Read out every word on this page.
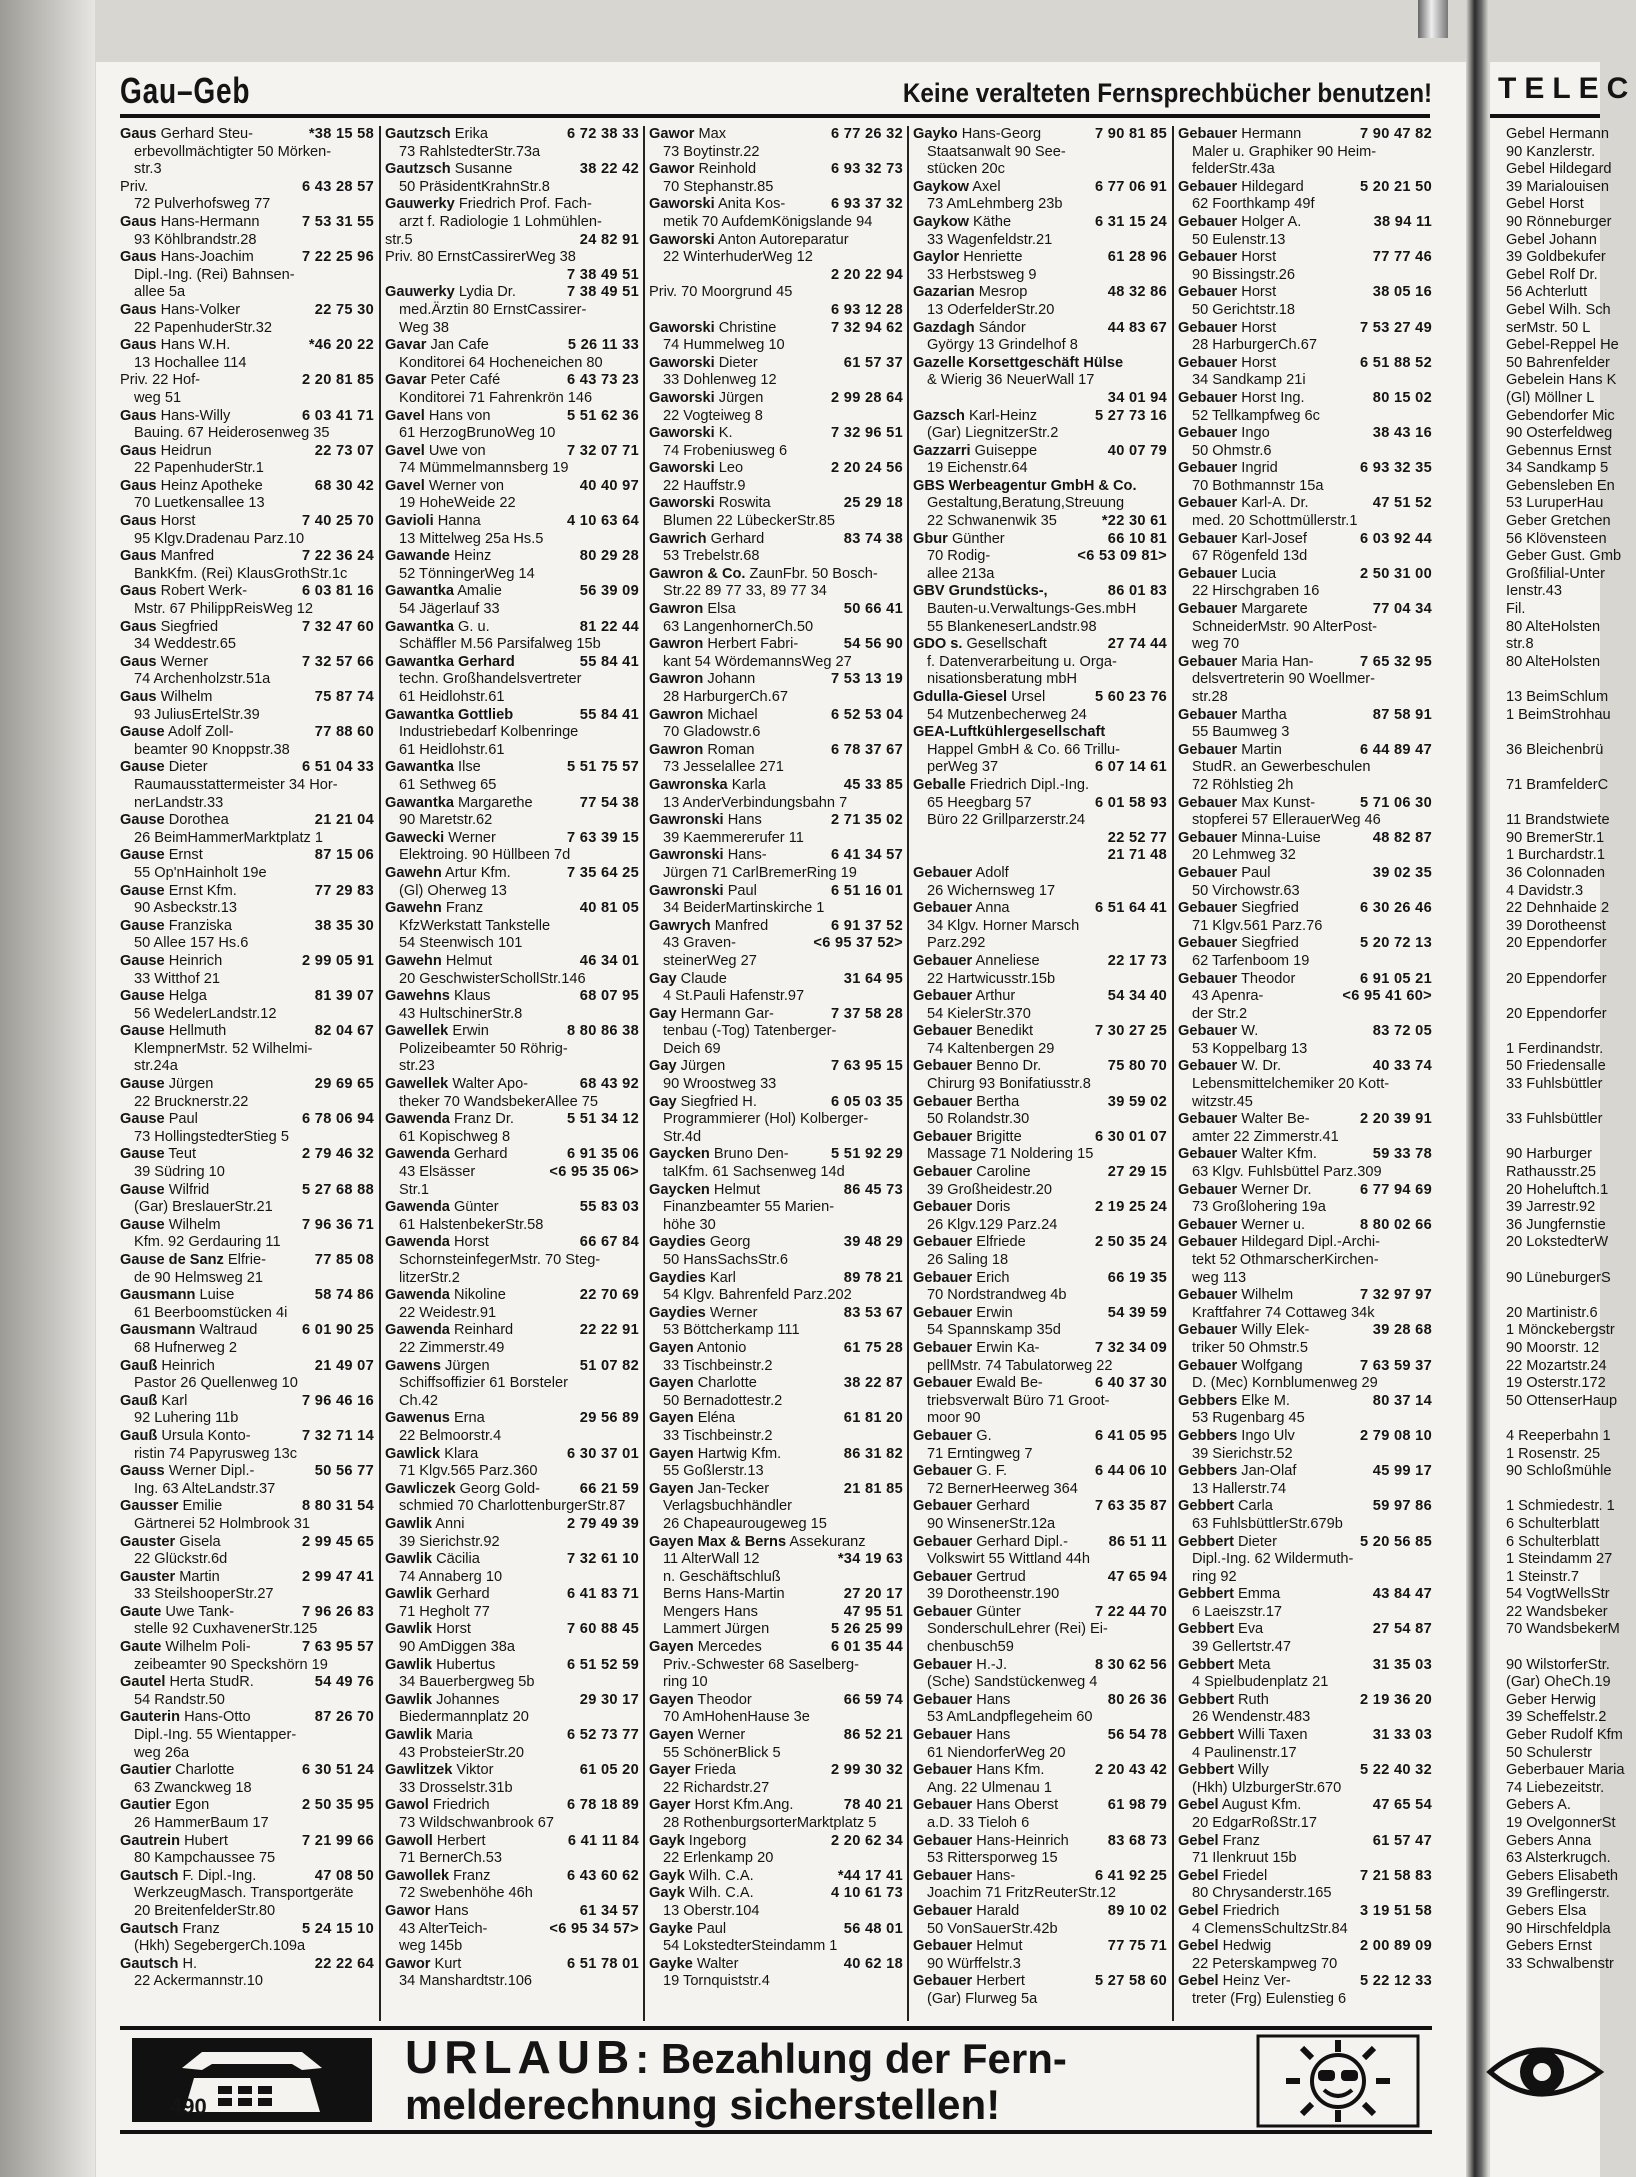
Gau–Geb	Keine veralteten Fernsprechbücher benutzen!
Gaus Gerhard Steu-	*38 15 58
erbevollmächtigter 50 Mörken-
str.3
Priv.	6 43 28 57
72 Pulverhofsweg 77
Gaus Hans-Hermann	7 53 31 55
93 Köhlbrandstr.28
Gaus Hans-Joachim	7 22 25 96
Dipl.-Ing. (Rei) Bahnsen-
allee 5a
Gaus Hans-Volker	22 75 30
22 PapenhuderStr.32
Gaus Hans W.H.	*46 20 22
13 Hochallee 114
Priv. 22 Hof-	2 20 81 85
weg 51
Gaus Hans-Willy	6 03 41 71
Bauing. 67 Heiderosenweg 35
Gaus Heidrun	22 73 07
22 PapenhuderStr.1
Gaus Heinz Apotheke	68 30 42
70 Luetkensallee 13
Gaus Horst	7 40 25 70
95 Klgv.Dradenau Parz.10
Gaus Manfred	7 22 36 24
BankKfm. (Rei) KlausGrothStr.1c
Gaus Robert Werk-	6 03 81 16
Mstr. 67 PhilippReisWeg 12
Gaus Siegfried	7 32 47 60
34 Weddestr.65
Gaus Werner	7 32 57 66
74 Archenholzstr.51a
Gaus Wilhelm	75 87 74
93 JuliusErtelStr.39
Gause Adolf Zoll-	77 88 60
beamter 90 Knoppstr.38
Gause Dieter	6 51 04 33
Raumausstattermeister 34 Hor-
nerLandstr.33
Gause Dorothea	21 21 04
26 BeimHammerMarktplatz 1
Gause Ernst	87 15 06
55 Op'nHainholt 19e
Gause Ernst Kfm.	77 29 83
90 Asbeckstr.13
Gause Franziska	38 35 30
50 Allee 157 Hs.6
Gause Heinrich	2 99 05 91
33 Witthof 21
Gause Helga	81 39 07
56 WedelerLandstr.12
Gause Hellmuth	82 04 67
KlempnerMstr. 52 Wilhelmi-
str.24a
Gause Jürgen	29 69 65
22 Brucknerstr.22
Gause Paul	6 78 06 94
73 HollingstedterStieg 5
Gause Teut	2 79 46 32
39 Südring 10
Gause Wilfrid	5 27 68 88
(Gar) BreslauerStr.21
Gause Wilhelm	7 96 36 71
Kfm. 92 Gerdauring 11
Gause de Sanz Elfrie-	77 85 08
de 90 Helmsweg 21
Gausmann Luise	58 74 86
61 Beerboomstücken 4i
Gausmann Waltraud	6 01 90 25
68 Hufnerweg 2
Gauß Heinrich	21 49 07
Pastor 26 Quellenweg 10
Gauß Karl	7 96 46 16
92 Luhering 11b
Gauß Ursula Konto-	7 32 71 14
ristin 74 Papyrusweg 13c
Gauss Werner Dipl.-	50 56 77
Ing. 63 AlteLandstr.37
Gausser Emilie	8 80 31 54
Gärtnerei 52 Holmbrook 31
Gauster Gisela	2 99 45 65
22 Glückstr.6d
Gauster Martin	2 99 47 41
33 SteilshooperStr.27
Gaute Uwe Tank-	7 96 26 83
stelle 92 CuxhavenerStr.125
Gaute Wilhelm Poli-	7 63 95 57
zeibeamter 90 Speckshörn 19
Gautel Herta StudR.	54 49 76
54 Randstr.50
Gauterin Hans-Otto	87 26 70
Dipl.-Ing. 55 Wientapper-
weg 26a
Gautier Charlotte	6 30 51 24
63 Zwanckweg 18
Gautier Egon	2 50 35 95
26 HammerBaum 17
Gautrein Hubert	7 21 99 66
80 Kampchaussee 75
Gautsch F. Dipl.-Ing.	47 08 50
WerkzeugMasch. Transportgeräte
20 BreitenfelderStr.80
Gautsch Franz	5 24 15 10
(Hkh) SegebergerCh.109a
Gautsch H.	22 22 64
22 Ackermannstr.10
Gautzsch Erika	6 72 38 33
73 RahlstedterStr.73a
Gautzsch Susanne	38 22 42
50 PräsidentKrahnStr.8
Gauwerky Friedrich Prof. Fach-
arzt f. Radiologie 1 Lohmühlen-
str.5	24 82 91
Priv. 80 ErnstCassirerWeg 38
7 38 49 51
Gauwerky Lydia Dr.	7 38 49 51
med.Ärztin 80 ErnstCassirer-
Weg 38
Gavar Jan Cafe	5 26 11 33
Konditorei 64 Hocheneichen 80
Gavar Peter Café	6 43 73 23
Konditorei 71 Fahrenkrön 146
Gavel Hans von	5 51 62 36
61 HerzogBrunoWeg 10
Gavel Uwe von	7 32 07 71
74 Mümmelmannsberg 19
Gavel Werner von	40 40 97
19 HoheWeide 22
Gavioli Hanna	4 10 63 64
13 Mittelweg 25a Hs.5
Gawande Heinz	80 29 28
52 TönningerWeg 14
Gawantka Amalie	56 39 09
54 Jägerlauf 33
Gawantka G. u.	81 22 44
Schäffler M.56 Parsifalweg 15b
Gawantka Gerhard	55 84 41
techn. Großhandelsvertreter
61 Heidlohstr.61
Gawantka Gottlieb	55 84 41
Industriebedarf Kolbenringe
61 Heidlohstr.61
Gawantka Ilse	5 51 75 57
61 Sethweg 65
Gawantka Margarethe	77 54 38
90 Maretstr.62
Gawecki Werner	7 63 39 15
Elektroing. 90 Hüllbeen 7d
Gawehn Artur Kfm.	7 35 64 25
(Gl) Oherweg 13
Gawehn Franz	40 81 05
KfzWerkstatt Tankstelle
54 Steenwisch 101
Gawehn Helmut	46 34 01
20 GeschwisterSchollStr.146
Gawehns Klaus	68 07 95
43 HultschinerStr.8
Gawellek Erwin	8 80 86 38
Polizeibeamter 50 Röhrig-
str.23
Gawellek Walter Apo-	68 43 92
theker 70 WandsbekerAllee 75
Gawenda Franz Dr.	5 51 34 12
61 Kopischweg 8
Gawenda Gerhard	6 91 35 06
43 Elsässer	<6 95 35 06>
Str.1
Gawenda Günter	55 83 03
61 HalstenbekerStr.58
Gawenda Horst	66 67 84
SchornsteinfegerMstr. 70 Steg-
litzerStr.2
Gawenda Nikoline	22 70 69
22 Weidestr.91
Gawenda Reinhard	22 22 91
22 Zimmerstr.49
Gawens Jürgen	51 07 82
Schiffsoffizier 61 Borsteler
Ch.42
Gawenus Erna	29 56 89
22 Belmoorstr.4
Gawlick Klara	6 30 37 01
71 Klgv.565 Parz.360
Gawliczek Georg Gold-	66 21 59
schmied 70 CharlottenburgerStr.87
Gawlik Anni	2 79 49 39
39 Sierichstr.92
Gawlik Cäcilia	7 32 61 10
74 Annaberg 10
Gawlik Gerhard	6 41 83 71
71 Hegholt 77
Gawlik Horst	7 60 88 45
90 AmDiggen 38a
Gawlik Hubertus	6 51 52 59
34 Bauerbergweg 5b
Gawlik Johannes	29 30 17
Biedermannplatz 20
Gawlik Maria	6 52 73 77
43 ProbsteierStr.20
Gawlitzek Viktor	61 05 20
33 Drosselstr.31b
Gawol Friedrich	6 78 18 89
73 Wildschwanbrook 67
Gawoll Herbert	6 41 11 84
71 BernerCh.53
Gawollek Franz	6 43 60 62
72 Swebenhöhe 46h
Gawor Hans	61 34 57
43 AlterTeich-	<6 95 34 57>
weg 145b
Gawor Kurt	6 51 78 01
34 Manshardtstr.106
Gawor Max	6 77 26 32
73 Boytinstr.22
Gawor Reinhold	6 93 32 73
70 Stephanstr.85
Gaworski Anita Kos-	6 93 37 32
metik 70 AufdemKönigslande 94
Gaworski Anton Autoreparatur
22 WinterhuderWeg 12
2 20 22 94
Priv. 70 Moorgrund 45
6 93 12 28
Gaworski Christine	7 32 94 62
74 Hummelweg 10
Gaworski Dieter	61 57 37
33 Dohlenweg 12
Gaworski Jürgen	2 99 28 64
22 Vogteiweg 8
Gaworski K.	7 32 96 51
74 Frobeniusweg 6
Gaworski Leo	2 20 24 56
22 Hauffstr.9
Gaworski Roswita	25 29 18
Blumen 22 LübeckerStr.85
Gawrich Gerhard	83 74 38
53 Trebelstr.68
Gawron & Co. ZaunFbr. 50 Bosch-
Str.22 89 77 33, 89 77 34
Gawron Elsa	50 66 41
63 LangenhornerCh.50
Gawron Herbert Fabri-	54 56 90
kant 54 WördemannsWeg 27
Gawron Johann	7 53 13 19
28 HarburgerCh.67
Gawron Michael	6 52 53 04
70 Gladowstr.6
Gawron Roman	6 78 37 67
73 Jesselallee 271
Gawronska Karla	45 33 85
13 AnderVerbindungsbahn 7
Gawronski Hans	2 71 35 02
39 Kaemmererufer 11
Gawronski Hans-	6 41 34 57
Jürgen 71 CarlBremerRing 19
Gawronski Paul	6 51 16 01
34 BeiderMartinskirche 1
Gawrych Manfred	6 91 37 52
43 Graven-	<6 95 37 52>
steinerWeg 27
Gay Claude	31 64 95
4 St.Pauli Hafenstr.97
Gay Hermann Gar-	7 37 58 28
tenbau (-Tog) Tatenberger-
Deich 69
Gay Jürgen	7 63 95 15
90 Wroostweg 33
Gay Siegfried H.	6 05 03 35
Programmierer (Hol) Kolberger-
Str.4d
Gaycken Bruno Den-	5 51 92 29
talKfm. 61 Sachsenweg 14d
Gaycken Helmut	86 45 73
Finanzbeamter 55 Marien-
höhe 30
Gaydies Georg	39 48 29
50 HansSachsStr.6
Gaydies Karl	89 78 21
54 Klgv. Bahrenfeld Parz.202
Gaydies Werner	83 53 67
53 Böttcherkamp 111
Gayen Antonio	61 75 28
33 Tischbeinstr.2
Gayen Charlotte	38 22 87
50 Bernadottestr.2
Gayen Eléna	61 81 20
33 Tischbeinstr.2
Gayen Hartwig Kfm.	86 31 82
55 Goßlerstr.13
Gayen Jan-Tecker	21 81 85
Verlagsbuchhändler
26 Chapeaurougeweg 15
Gayen Max & Berns Assekuranz
11 AlterWall 12	*34 19 63
n. Geschäftschluß
Berns Hans-Martin	27 20 17
Mengers Hans	47 95 51
Lammert Jürgen	5 26 25 99
Gayen Mercedes	6 01 35 44
Priv.-Schwester 68 Saselberg-
ring 10
Gayen Theodor	66 59 74
70 AmHohenHause 3e
Gayen Werner	86 52 21
55 SchönerBlick 5
Gayer Frieda	2 99 30 32
22 Richardstr.27
Gayer Horst Kfm.Ang.	78 40 21
28 RothenburgsorterMarktplatz 5
Gayk Ingeborg	2 20 62 34
22 Erlenkamp 20
Gayk Wilh. C.A.	*44 17 41
Gayk Wilh. C.A.	4 10 61 73
13 Oberstr.104
Gayke Paul	56 48 01
54 LokstedterSteindamm 1
Gayke Walter	40 62 18
19 Tornquiststr.4
Gayko Hans-Georg	7 90 81 85
Staatsanwalt 90 See-
stücken 20c
Gaykow Axel	6 77 06 91
73 AmLehmberg 23b
Gaykow Käthe	6 31 15 24
33 Wagenfeldstr.21
Gaylor Henriette	61 28 96
33 Herbstsweg 9
Gazarian Mesrop	48 32 86
13 OderfelderStr.20
Gazdagh Sándor	44 83 67
György 13 Grindelhof 8
Gazelle Korsettgeschäft Hülse
& Wierig 36 NeuerWall 17
34 01 94
Gazsch Karl-Heinz	5 27 73 16
(Gar) LiegnitzerStr.2
Gazzarri Guiseppe	40 07 79
19 Eichenstr.64
GBS Werbeagentur GmbH & Co.
Gestaltung,Beratung,Streuung
22 Schwanenwik 35	*22 30 61
Gbur Günther	66 10 81
70 Rodig-	<6 53 09 81>
allee 213a
GBV Grundstücks-,	86 01 83
Bauten-u.Verwaltungs-Ges.mbH
55 BlankeneserLandstr.98
GDO s. Gesellschaft	27 74 44
f. Datenverarbeitung u. Orga-
nisationsberatung mbH
Gdulla-Giesel Ursel	5 60 23 76
54 Mutzenbecherweg 24
GEA-Luftkühlergesellschaft
Happel GmbH & Co. 66 Trillu-
perWeg 37	6 07 14 61
Geballe Friedrich Dipl.-Ing.
65 Heegbarg 57	6 01 58 93
Büro 22 Grillparzerstr.24
22 52 77
21 71 48
Gebauer Adolf
26 Wichernsweg 17
Gebauer Anna	6 51 64 41
34 Klgv. Horner Marsch
Parz.292
Gebauer Anneliese	22 17 73
22 Hartwicusstr.15b
Gebauer Arthur	54 34 40
54 KielerStr.370
Gebauer Benedikt	7 30 27 25
74 Kaltenbergen 29
Gebauer Benno Dr.	75 80 70
Chirurg 93 Bonifatiusstr.8
Gebauer Bertha	39 59 02
50 Rolandstr.30
Gebauer Brigitte	6 30 01 07
Massage 71 Noldering 15
Gebauer Caroline	27 29 15
39 Großheidestr.20
Gebauer Doris	2 19 25 24
26 Klgv.129 Parz.24
Gebauer Elfriede	2 50 35 24
26 Saling 18
Gebauer Erich	66 19 35
70 Nordstrandweg 4b
Gebauer Erwin	54 39 59
54 Spannskamp 35d
Gebauer Erwin Ka-	7 32 34 09
pellMstr. 74 Tabulatorweg 22
Gebauer Ewald Be-	6 40 37 30
triebsverwalt Büro 71 Groot-
moor 90
Gebauer G.	6 41 05 95
71 Erntingweg 7
Gebauer G. F.	6 44 06 10
72 BernerHeerweg 364
Gebauer Gerhard	7 63 35 87
90 WinsenerStr.12a
Gebauer Gerhard Dipl.-	86 51 11
Volkswirt 55 Wittland 44h
Gebauer Gertrud	47 65 94
39 Dorotheenstr.190
Gebauer Günter	7 22 44 70
SonderschulLehrer (Rei) Ei-
chenbusch59
Gebauer H.-J.	8 30 62 56
(Sche) Sandstückenweg 4
Gebauer Hans	80 26 36
53 AmLandpflegeheim 60
Gebauer Hans	56 54 78
61 NiendorferWeg 20
Gebauer Hans Kfm.	2 20 43 42
Ang. 22 Ulmenau 1
Gebauer Hans Oberst	61 98 79
a.D. 33 Tieloh 6
Gebauer Hans-Heinrich	83 68 73
53 Rittersporweg 15
Gebauer Hans-	6 41 92 25
Joachim 71 FritzReuterStr.12
Gebauer Harald	89 10 02
50 VonSauerStr.42b
Gebauer Helmut	77 75 71
90 Würffelstr.3
Gebauer Herbert	5 27 58 60
(Gar) Flurweg 5a
Gebauer Hermann	7 90 47 82
Maler u. Graphiker 90 Heim-
felderStr.43a
Gebauer Hildegard	5 20 21 50
62 Foorthkamp 49f
Gebauer Holger A.	38 94 11
50 Eulenstr.13
Gebauer Horst	77 77 46
90 Bissingstr.26
Gebauer Horst	38 05 16
50 Gerichtstr.18
Gebauer Horst	7 53 27 49
28 HarburgerCh.67
Gebauer Horst	6 51 88 52
34 Sandkamp 21i
Gebauer Horst Ing.	80 15 02
52 Tellkampfweg 6c
Gebauer Ingo	38 43 16
50 Ohmstr.6
Gebauer Ingrid	6 93 32 35
70 Bothmannstr 15a
Gebauer Karl-A. Dr.	47 51 52
med. 20 Schottmüllerstr.1
Gebauer Karl-Josef	6 03 92 44
67 Rögenfeld 13d
Gebauer Lucia	2 50 31 00
22 Hirschgraben 16
Gebauer Margarete	77 04 34
SchneiderMstr. 90 AlterPost-
weg 70
Gebauer Maria Han-	7 65 32 95
delsvertreterin 90 Woellmer-
str.28
Gebauer Martha	87 58 91
55 Baumweg 3
Gebauer Martin	6 44 89 47
StudR. an Gewerbeschulen
72 Röhlstieg 2h
Gebauer Max Kunst-	5 71 06 30
stopferei 57 EllerauerWeg 46
Gebauer Minna-Luise	48 82 87
20 Lehmweg 32
Gebauer Paul	39 02 35
50 Virchowstr.63
Gebauer Siegfried	6 30 26 46
71 Klgv.561 Parz.76
Gebauer Siegfried	5 20 72 13
62 Tarfenboom 19
Gebauer Theodor	6 91 05 21
43 Apenra-	<6 95 41 60>
der Str.2
Gebauer W.	83 72 05
53 Koppelbarg 13
Gebauer W. Dr.	40 33 74
Lebensmittelchemiker 20 Kott-
witzstr.45
Gebauer Walter Be-	2 20 39 91
amter 22 Zimmerstr.41
Gebauer Walter Kfm.	59 33 78
63 Klgv. Fuhlsbüttel Parz.309
Gebauer Werner Dr.	6 77 94 69
73 Großlohering 19a
Gebauer Werner u.	8 80 02 66
Gebauer Hildegard Dipl.-Archi-
tekt 52 OthmarscherKirchen-
weg 113
Gebauer Wilhelm	7 32 97 97
Kraftfahrer 74 Cottaweg 34k
Gebauer Willy Elek-	39 28 68
triker 50 Ohmstr.5
Gebauer Wolfgang	7 63 59 37
D. (Mec) Kornblumenweg 29
Gebbers Elke M.	80 37 14
53 Rugenbarg 45
Gebbers Ingo Ulv	2 79 08 10
39 Sierichstr.52
Gebbers Jan-Olaf	45 99 17
13 Hallerstr.74
Gebbert Carla	59 97 86
63 FuhlsbüttlerStr.679b
Gebbert Dieter	5 20 56 85
Dipl.-Ing. 62 Wildermuth-
ring 92
Gebbert Emma	43 84 47
6 Laeiszstr.17
Gebbert Eva	27 54 87
39 Gellertstr.47
Gebbert Meta	31 35 03
4 Spielbudenplatz 21
Gebbert Ruth	2 19 36 20
26 Wendenstr.483
Gebbert Willi Taxen	31 33 03
4 Paulinenstr.17
Gebbert Willy	5 22 40 32
(Hkh) UlzburgerStr.670
Gebel August Kfm.	47 65 54
20 EdgarRoßStr.17
Gebel Franz	61 57 47
71 Ilenkruut 15b
Gebel Friedel	7 21 58 83
80 Chrysanderstr.165
Gebel Friedrich	3 19 51 58
4 ClemensSchultzStr.84
Gebel Hedwig	2 00 89 09
22 Peterskampweg 70
Gebel Heinz Ver-	5 22 12 33
treter (Frg) Eulenstieg 6
URLAUB: Bezahlung der Fern-
melderechnung sicherstellen!
490
TELEC
Gebel Hermann
90 Kanzlerstr.
Gebel Hildegard
39 Marialouisen
Gebel Horst
90 Rönneburger
Gebel Johann
39 Goldbekufer
Gebel Rolf Dr.
56 Achterlutt
Gebel Wilh. Sch
serMstr. 50 L
Gebel-Reppel He
50 Bahrenfelder
Gebelein Hans K
(Gl) Möllner L
Gebendorfer Mic
90 Osterfeldweg
Gebennus Ernst
34 Sandkamp 5
Gebensleben En
53 LuruperHau
Geber Gretchen
56 Klövensteen
Geber Gust. Gmb
Großfilial-Unter
Ienstr.43
Fil.
80 AlteHolsten
str.8
80 AlteHolsten

13 BeimSchlum
1 BeimStrohhau

36 Bleichenbrü

71 BramfelderC

11 Brandstwiete
90 BremerStr.1
1 Burchardstr.1
36 Colonnaden
4 Davidstr.3
22 Dehnhaide 2
39 Dorotheenst
20 Eppendorfer

20 Eppendorfer

20 Eppendorfer

1 Ferdinandstr.
50 Friedensalle
33 Fuhlsbüttler

33 Fuhlsbüttler

90 Harburger
Rathausstr.25
20 Hoheluftch.1
39 Jarrestr.92
36 Jungfernstie
20 LokstedterW

90 LüneburgerS

20 Martinistr.6
1 Mönckebergstr
90 Moorstr. 12
22 Mozartstr.24
19 Osterstr.172
50 OttenserHaup

4 Reeperbahn 1
1 Rosenstr. 25
90 Schloßmühle

1 Schmiedestr. 1
6 Schulterblatt
6 Schulterblatt
1 Steindamm 27
1 Steinstr.7
54 VogtWellsStr
22 Wandsbeker
70 WandsbekerM

90 WilstorferStr.
(Gar) OheCh.19
Geber Herwig
39 Scheffelstr.2
Geber Rudolf Kfm
50 Schulerstr
Geberbauer Maria
74 Liebezeitstr.
Gebers A.
19 OvelgonnerSt
Gebers Anna
63 Alsterkrugch.
Gebers Elisabeth
39 Greflingerstr.
Gebers Elsa
90 Hirschfeldpla
Gebers Ernst
33 Schwalbenstr
